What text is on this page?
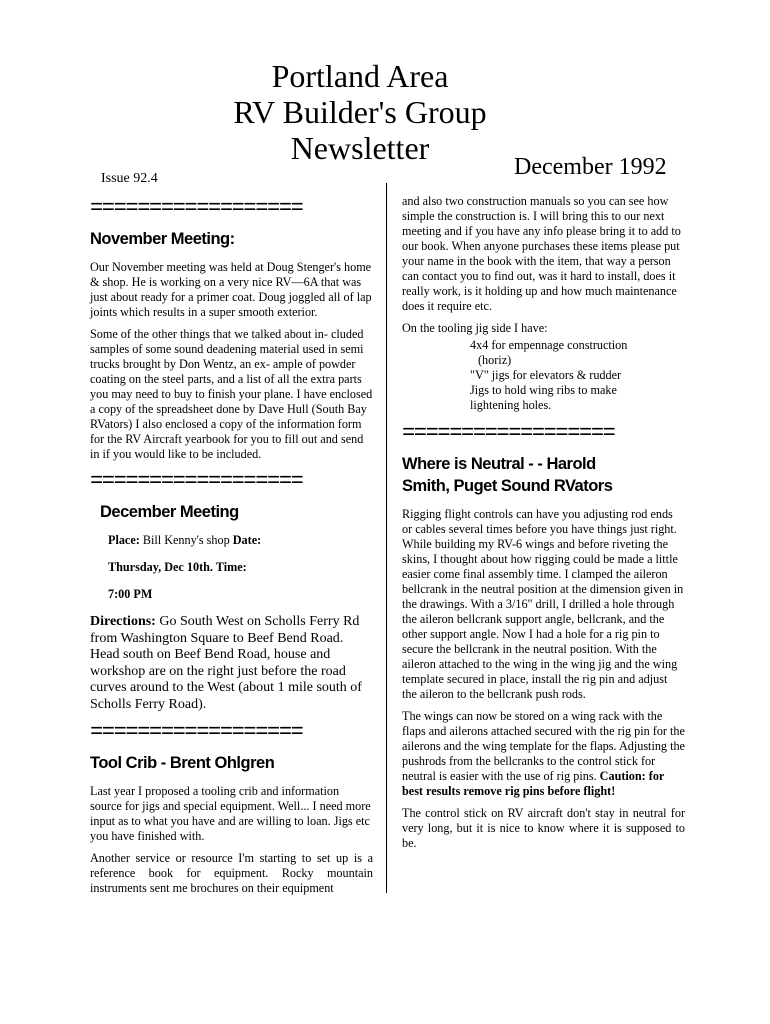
Portland Area
RV Builder's Group
Newsletter
Issue 92.4	December 1992
==================
November Meeting:

Our November meeting was held at Doug Stenger's home & shop. He is working on a very nice RV—6A that was just about ready for a primer coat. Doug joggled all of lap joints which results in a super smooth exterior.

Some of the other things that we talked about in- cluded samples of some sound deadening material used in semi trucks brought by Don Wentz, an ex- ample of powder coating on the steel parts, and a list of all the extra parts you may need to buy to finish your plane. I have enclosed a copy of the spreadsheet done by Dave Hull (South Bay RVators) I also enclosed a copy of the information form for the RV Aircraft yearbook for you to fill out and send in if you would like to be included.

==================
December Meeting

Place: Bill Kenny's shop Date:

Thursday, Dec 10th. Time:

7:00 PM

Directions: Go South West on Scholls Ferry Rd from Washington Square to Beef Bend Road. Head south on Beef Bend Road, house and workshop are on the right just before the road curves around to the West (about 1 mile south of Scholls Ferry Road).

==================
Tool Crib - Brent Ohlgren

Last year I proposed a tooling crib and information source for jigs and special equipment. Well... I need more input as to what you have and are willing to loan. Jigs etc you have finished with.

Another service or resource I'm starting to set up is a reference book for equipment. Rocky mountain instruments sent me brochures on their equipment

and also two construction manuals so you can see how simple the construction is. I will bring this to our next meeting and if you have any info please bring it to add to our book. When anyone purchases these items please put your name in the book with the item, that way a person can contact you to find out, was it hard to install, does it really work, is it holding up and how much maintenance does it require etc.

On the tooling jig side I have:

4x4 for empennage construction
(horiz)
"V" jigs for elevators & rudder
Jigs to hold wing ribs to make
lightening holes.
==================
Where is Neutral - - Harold
Smith, Puget Sound RVators

Rigging flight controls can have you adjusting rod ends or cables several times before you have things just right. While building my RV-6 wings and before riveting the skins, I thought about how rigging could be made a little easier come final assembly time. I clamped the aileron bellcrank in the neutral position at the dimension given in the drawings. With a 3/16" drill, I drilled a hole through the aileron bellcrank support angle, bellcrank, and the other support angle. Now I had a hole for a rig pin to secure the bellcrank in the neutral position. With the aileron attached to the wing in the wing jig and the wing template secured in place, install the rig pin and adjust the aileron to the bellcrank push rods.

The wings can now be stored on a wing rack with the flaps and ailerons attached secured with the rig pin for the ailerons and the wing template for the flaps. Adjusting the pushrods from the bellcranks to the control stick for neutral is easier with the use of rig pins. Caution: for best results remove rig pins before flight!

The control stick on RV aircraft don't stay in neutral for very long, but it is nice to know where it is supposed to be.
